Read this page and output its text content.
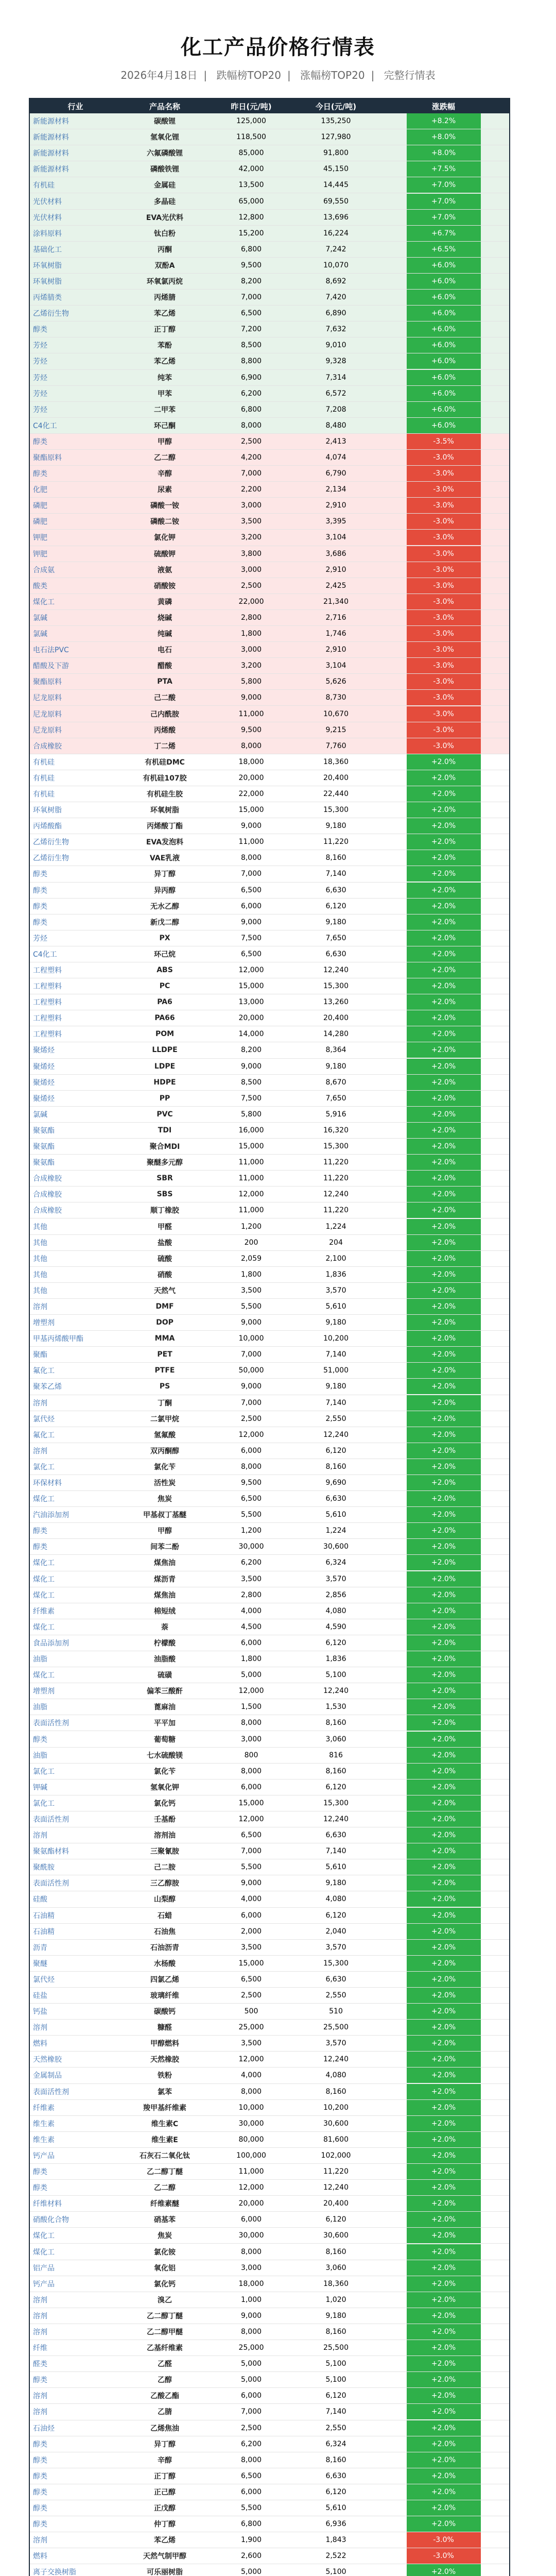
化工产品价格行情表
2026年4月18日 | 跌幅榜TOP20 | 涨幅榜TOP20 | 完整行情表
行业	产品名称	昨日(元/吨)	今日(元/吨)	涨跌幅
新能源材料	碳酸锂	125,000	135,250	+8.2%
新能源材料	氢氧化锂	118,500	127,980	+8.0%
新能源材料	六氟磷酸锂	85,000	91,800	+8.0%
新能源材料	磷酸铁锂	42,000	45,150	+7.5%
有机硅	金属硅	13,500	14,445	+7.0%
光伏材料	多晶硅	65,000	69,550	+7.0%
光伏材料	EVA光伏料	12,800	13,696	+7.0%
涂料原料	钛白粉	15,200	16,224	+6.7%
基础化工	丙酮	6,800	7,242	+6.5%
环氧树脂	双酚A	9,500	10,070	+6.0%
环氧树脂	环氧氯丙烷	8,200	8,692	+6.0%
丙烯腈类	丙烯腈	7,000	7,420	+6.0%
乙烯衍生物	苯乙烯	6,500	6,890	+6.0%
醇类	正丁醇	7,200	7,632	+6.0%
芳烃	苯酚	8,500	9,010	+6.0%
芳烃	苯乙烯	8,800	9,328	+6.0%
芳烃	纯苯	6,900	7,314	+6.0%
芳烃	甲苯	6,200	6,572	+6.0%
芳烃	二甲苯	6,800	7,208	+6.0%
C4化工	环己酮	8,000	8,480	+6.0%
醇类	甲醇	2,500	2,413	-3.5%
聚酯原料	乙二醇	4,200	4,074	-3.0%
醇类	辛醇	7,000	6,790	-3.0%
化肥	尿素	2,200	2,134	-3.0%
磷肥	磷酸一铵	3,000	2,910	-3.0%
磷肥	磷酸二铵	3,500	3,395	-3.0%
钾肥	氯化钾	3,200	3,104	-3.0%
钾肥	硫酸钾	3,800	3,686	-3.0%
合成氨	液氨	3,000	2,910	-3.0%
酸类	硝酸铵	2,500	2,425	-3.0%
煤化工	黄磷	22,000	21,340	-3.0%
氯碱	烧碱	2,800	2,716	-3.0%
氯碱	纯碱	1,800	1,746	-3.0%
电石法PVC	电石	3,000	2,910	-3.0%
醋酸及下游	醋酸	3,200	3,104	-3.0%
聚酯原料	PTA	5,800	5,626	-3.0%
尼龙原料	己二酸	9,000	8,730	-3.0%
尼龙原料	己内酰胺	11,000	10,670	-3.0%
尼龙原料	丙烯酸	9,500	9,215	-3.0%
合成橡胶	丁二烯	8,000	7,760	-3.0%
有机硅	有机硅DMC	18,000	18,360	+2.0%
有机硅	有机硅107胶	20,000	20,400	+2.0%
有机硅	有机硅生胶	22,000	22,440	+2.0%
环氧树脂	环氧树脂	15,000	15,300	+2.0%
丙烯酸酯	丙烯酸丁酯	9,000	9,180	+2.0%
乙烯衍生物	EVA发泡料	11,000	11,220	+2.0%
乙烯衍生物	VAE乳液	8,000	8,160	+2.0%
醇类	异丁醇	7,000	7,140	+2.0%
醇类	异丙醇	6,500	6,630	+2.0%
醇类	无水乙醇	6,000	6,120	+2.0%
醇类	新戊二醇	9,000	9,180	+2.0%
芳烃	PX	7,500	7,650	+2.0%
C4化工	环己烷	6,500	6,630	+2.0%
工程塑料	ABS	12,000	12,240	+2.0%
工程塑料	PC	15,000	15,300	+2.0%
工程塑料	PA6	13,000	13,260	+2.0%
工程塑料	PA66	20,000	20,400	+2.0%
工程塑料	POM	14,000	14,280	+2.0%
聚烯烃	LLDPE	8,200	8,364	+2.0%
聚烯烃	LDPE	9,000	9,180	+2.0%
聚烯烃	HDPE	8,500	8,670	+2.0%
聚烯烃	PP	7,500	7,650	+2.0%
氯碱	PVC	5,800	5,916	+2.0%
聚氨酯	TDI	16,000	16,320	+2.0%
聚氨酯	聚合MDI	15,000	15,300	+2.0%
聚氨酯	聚醚多元醇	11,000	11,220	+2.0%
合成橡胶	SBR	11,000	11,220	+2.0%
合成橡胶	SBS	12,000	12,240	+2.0%
合成橡胶	顺丁橡胶	11,000	11,220	+2.0%
其他	甲醛	1,200	1,224	+2.0%
其他	盐酸	200	204	+2.0%
其他	硫酸	2,059	2,100	+2.0%
其他	硝酸	1,800	1,836	+2.0%
其他	天然气	3,500	3,570	+2.0%
溶剂	DMF	5,500	5,610	+2.0%
增塑剂	DOP	9,000	9,180	+2.0%
甲基丙烯酸甲酯	MMA	10,000	10,200	+2.0%
聚酯	PET	7,000	7,140	+2.0%
氟化工	PTFE	50,000	51,000	+2.0%
聚苯乙烯	PS	9,000	9,180	+2.0%
溶剂	丁酮	7,000	7,140	+2.0%
氯代烃	二氯甲烷	2,500	2,550	+2.0%
氟化工	氢氟酸	12,000	12,240	+2.0%
溶剂	双丙酮醇	6,000	6,120	+2.0%
氯化工	氯化苄	8,000	8,160	+2.0%
环保材料	活性炭	9,500	9,690	+2.0%
煤化工	焦炭	6,500	6,630	+2.0%
汽油添加剂	甲基叔丁基醚	5,500	5,610	+2.0%
醇类	甲醇	1,200	1,224	+2.0%
醇类	间苯二酚	30,000	30,600	+2.0%
煤化工	煤焦油	6,200	6,324	+2.0%
煤化工	煤沥青	3,500	3,570	+2.0%
煤化工	煤焦油	2,800	2,856	+2.0%
纤维素	棉短绒	4,000	4,080	+2.0%
煤化工	萘	4,500	4,590	+2.0%
食品添加剂	柠檬酸	6,000	6,120	+2.0%
油脂	油脂酸	1,800	1,836	+2.0%
煤化工	硫磺	5,000	5,100	+2.0%
增塑剂	偏苯三酸酐	12,000	12,240	+2.0%
油脂	蓖麻油	1,500	1,530	+2.0%
表面活性剂	平平加	8,000	8,160	+2.0%
醇类	葡萄糖	3,000	3,060	+2.0%
油脂	七水硫酸镁	800	816	+2.0%
氯化工	氯化苄	8,000	8,160	+2.0%
钾碱	氢氧化钾	6,000	6,120	+2.0%
氯化工	氯化钙	15,000	15,300	+2.0%
表面活性剂	壬基酚	12,000	12,240	+2.0%
溶剂	溶剂油	6,500	6,630	+2.0%
聚氨酯材料	三聚氰胺	7,000	7,140	+2.0%
聚酰胺	己二胺	5,500	5,610	+2.0%
表面活性剂	三乙醇胺	9,000	9,180	+2.0%
硅酸	山梨醇	4,000	4,080	+2.0%
石油精	石蜡	6,000	6,120	+2.0%
石油精	石油焦	2,000	2,040	+2.0%
沥青	石油沥青	3,500	3,570	+2.0%
聚醚	水杨酸	15,000	15,300	+2.0%
氯代烃	四氯乙烯	6,500	6,630	+2.0%
硅盐	玻璃纤维	2,500	2,550	+2.0%
钙盐	碳酸钙	500	510	+2.0%
溶剂	糠醛	25,000	25,500	+2.0%
燃料	甲醇燃料	3,500	3,570	+2.0%
天然橡胶	天然橡胶	12,000	12,240	+2.0%
金属制品	铁粉	4,000	4,080	+2.0%
表面活性剂	氯苯	8,000	8,160	+2.0%
纤维素	羧甲基纤维素	10,000	10,200	+2.0%
维生素	维生素C	30,000	30,600	+2.0%
维生素	维生素E	80,000	81,600	+2.0%
钙产品	石灰石二氧化钛	100,000	102,000	+2.0%
醇类	乙二醇丁醚	11,000	11,220	+2.0%
醇类	乙二醇	12,000	12,240	+2.0%
纤维材料	纤维素醚	20,000	20,400	+2.0%
硝酸化合物	硝基苯	6,000	6,120	+2.0%
煤化工	焦炭	30,000	30,600	+2.0%
煤化工	氯化铵	8,000	8,160	+2.0%
铝产品	氧化铝	3,000	3,060	+2.0%
钙产品	氯化钙	18,000	18,360	+2.0%
溶剂	溴乙	1,000	1,020	+2.0%
溶剂	乙二醇丁醚	9,000	9,180	+2.0%
溶剂	乙二醇甲醚	8,000	8,160	+2.0%
纤维	乙基纤维素	25,000	25,500	+2.0%
醛类	乙醛	5,000	5,100	+2.0%
醇类	乙醇	5,000	5,100	+2.0%
溶剂	乙酸乙酯	6,000	6,120	+2.0%
溶剂	乙腈	7,000	7,140	+2.0%
石油烃	乙烯焦油	2,500	2,550	+2.0%
醇类	异丁醇	6,200	6,324	+2.0%
醇类	辛醇	8,000	8,160	+2.0%
醇类	正丁醇	6,500	6,630	+2.0%
醇类	正己醇	6,000	6,120	+2.0%
醇类	正戊醇	5,500	5,610	+2.0%
醇类	仲丁醇	6,800	6,936	+2.0%
溶剂	苯乙烯	1,900	1,843	-3.0%
燃料	天然气制甲醇	2,600	2,522	-3.0%
离子交换树脂	可乐丽树脂	5,000	5,100	+2.0%
